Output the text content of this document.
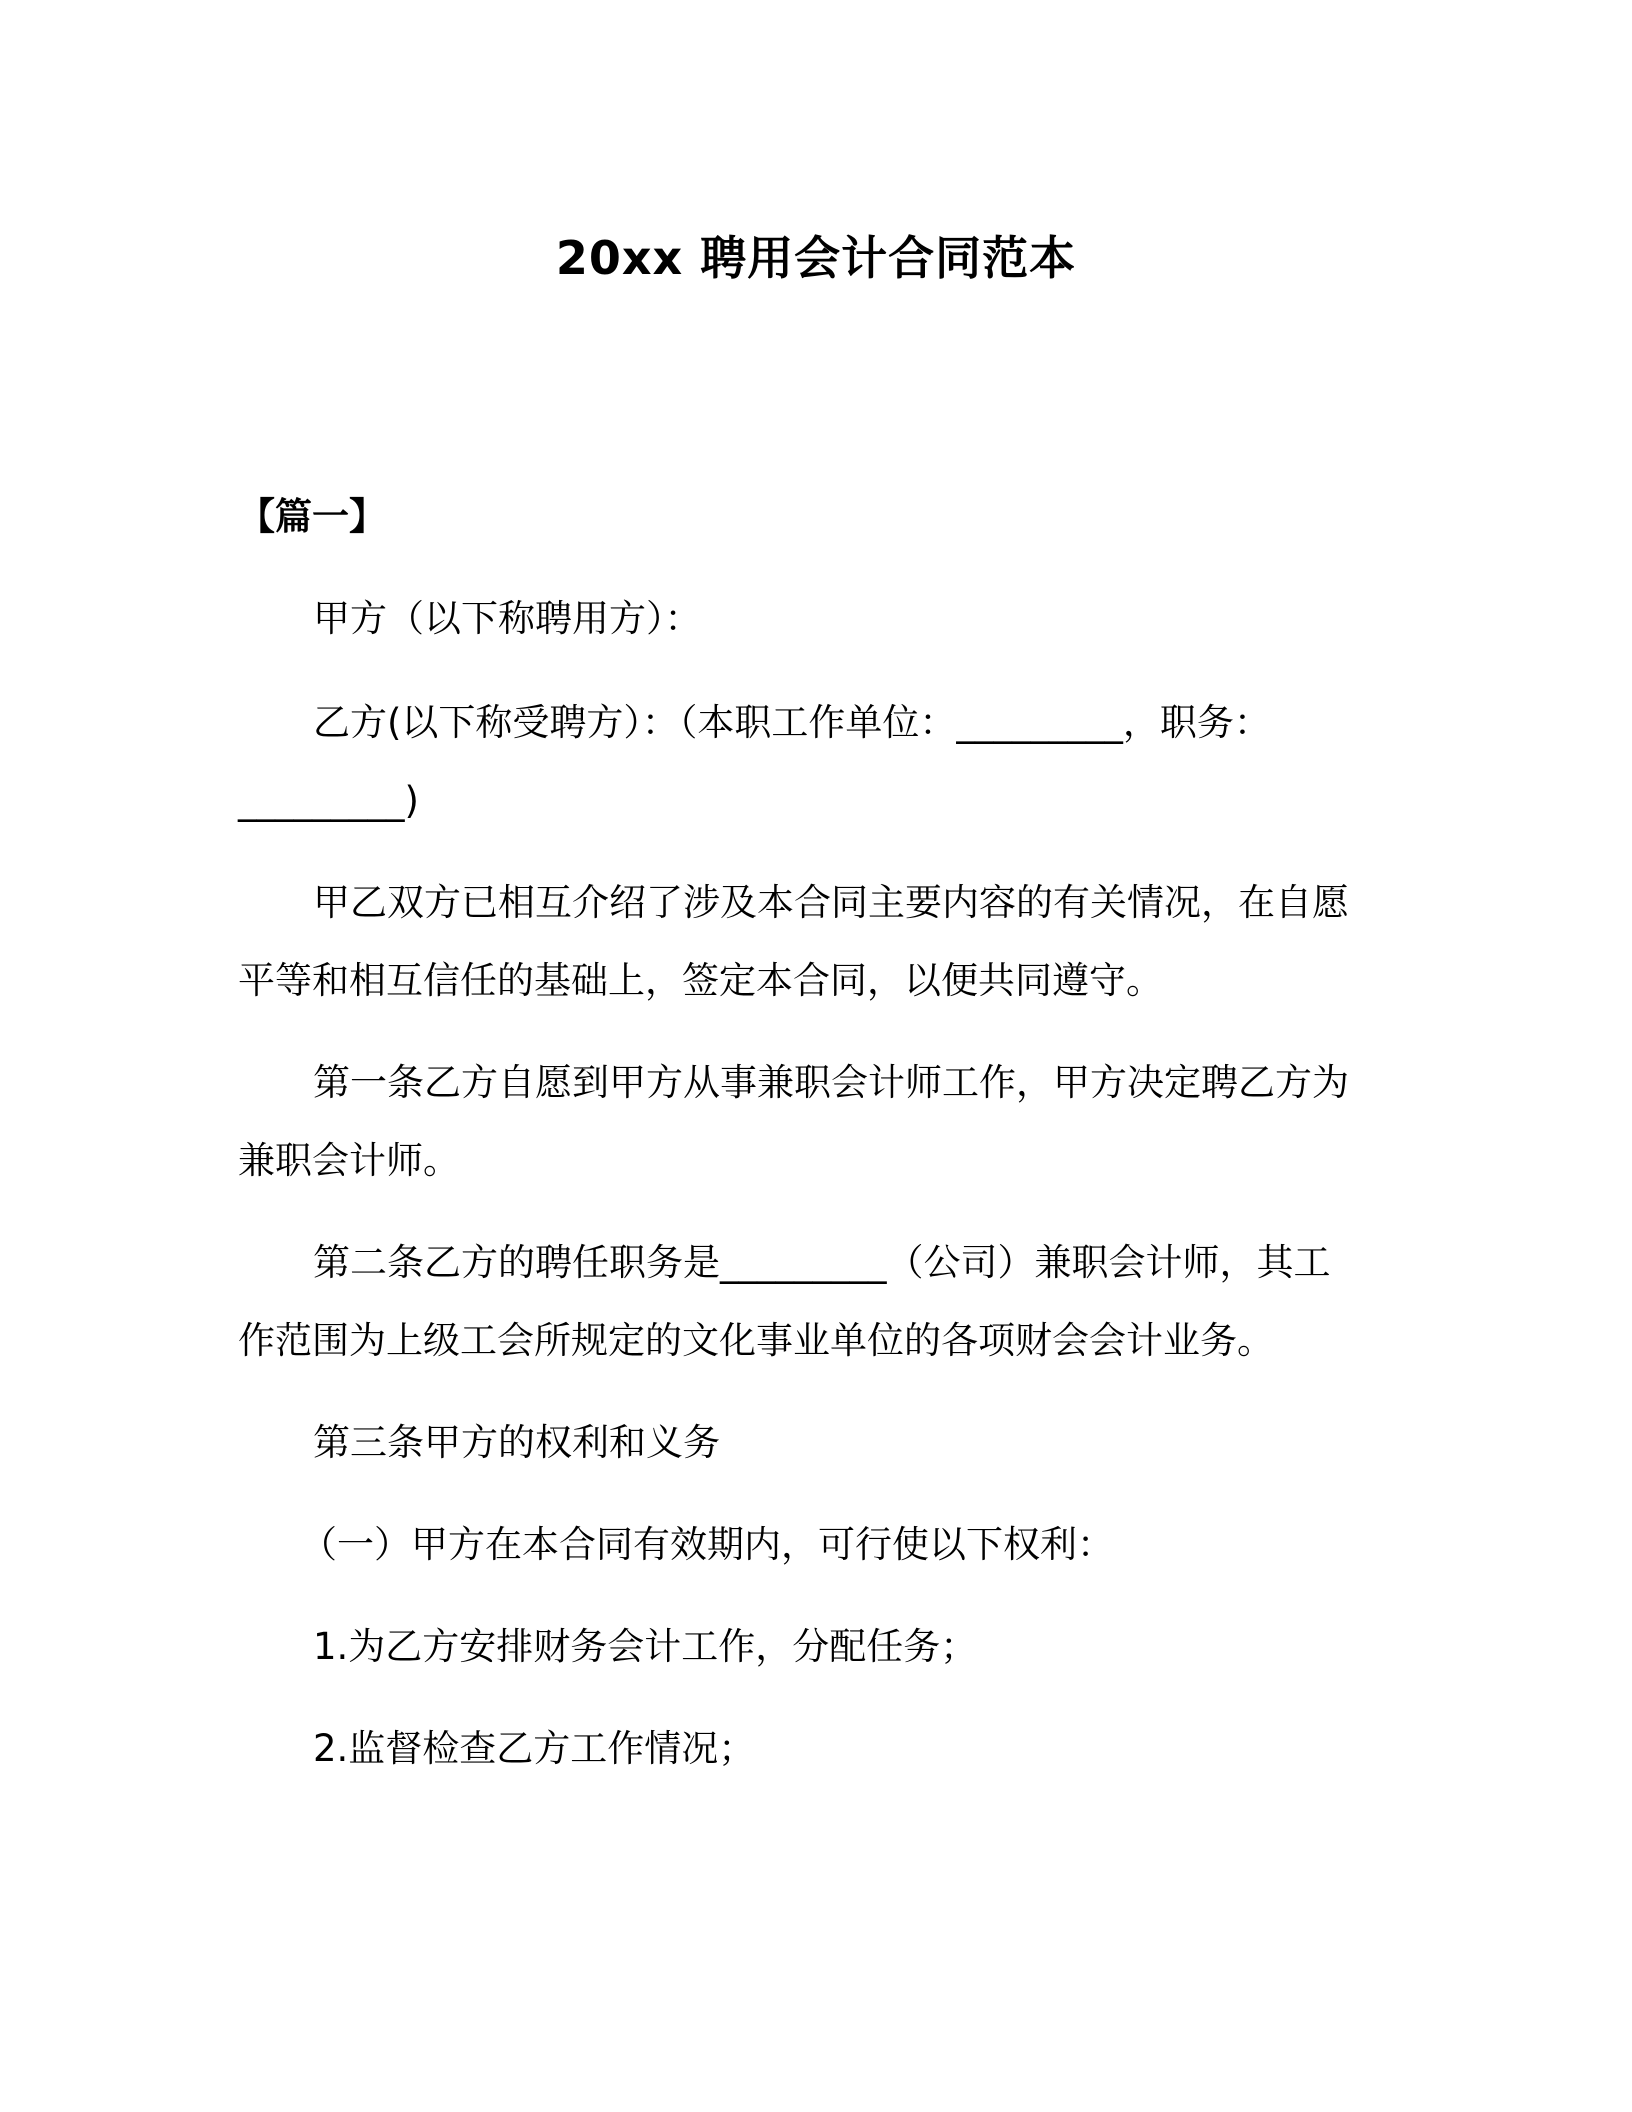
20xx 聘用会计合同范本
【篇一】
甲方（以下称聘用方）：
乙方(以下称受聘方）：（本职工作单位：_________，职务：
_________)
甲乙双方已相互介绍了涉及本合同主要内容的有关情况，在自愿
平等和相互信任的基础上，签定本合同，以便共同遵守。
第一条乙方自愿到甲方从事兼职会计师工作，甲方决定聘乙方为
兼职会计师。
第二条乙方的聘任职务是_________（公司）兼职会计师，其工
作范围为上级工会所规定的文化事业单位的各项财会会计业务。
第三条甲方的权利和义务
（一）甲方在本合同有效期内，可行使以下权利：
1.为乙方安排财务会计工作，分配任务；
2.监督检查乙方工作情况；
